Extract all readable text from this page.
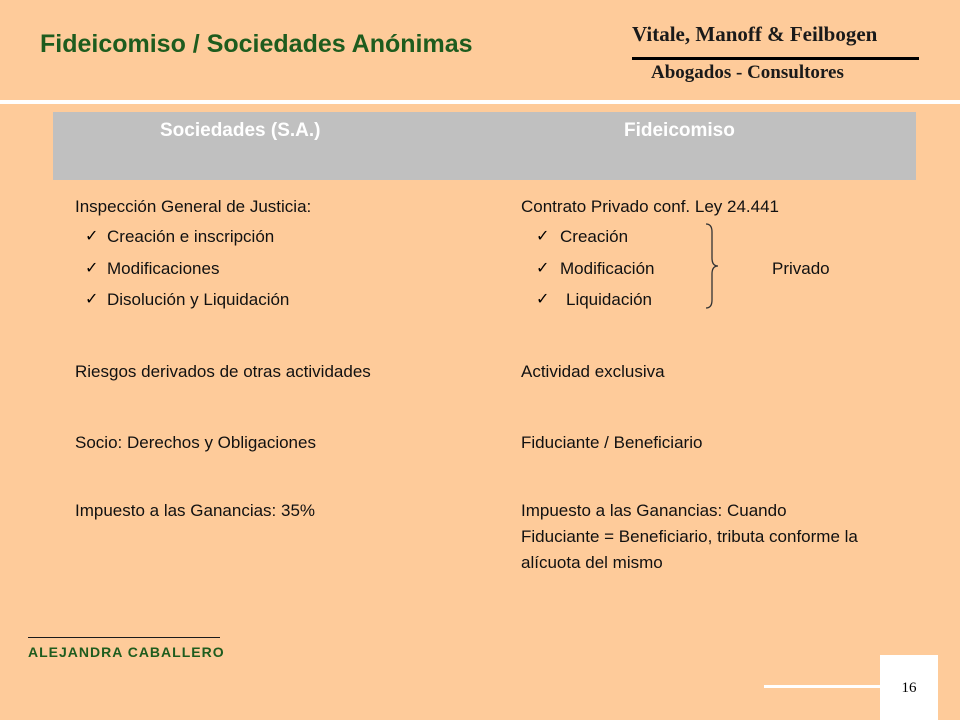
Fideicomiso / Sociedades Anónimas	Vitale, Manoff & Feilbogen
Abogados - Consultores
Sociedades (S.A.)	Fideicomiso
Inspección General de Justicia:
✓ Creación e inscripción
✓ Modificaciones
✓ Disolución y Liquidación
Riesgos derivados de otras actividades
Socio: Derechos y Obligaciones
Impuesto a las Ganancias: 35%
Contrato Privado conf. Ley 24.441
✓ Creación
✓ Modificación
✓ Liquidación
Privado
Actividad exclusiva
Fiduciante / Beneficiario
Impuesto a las Ganancias: Cuando
Fiduciante = Beneficiario, tributa conforme la
alícuota del mismo
ALEJANDRA CABALLERO
16
